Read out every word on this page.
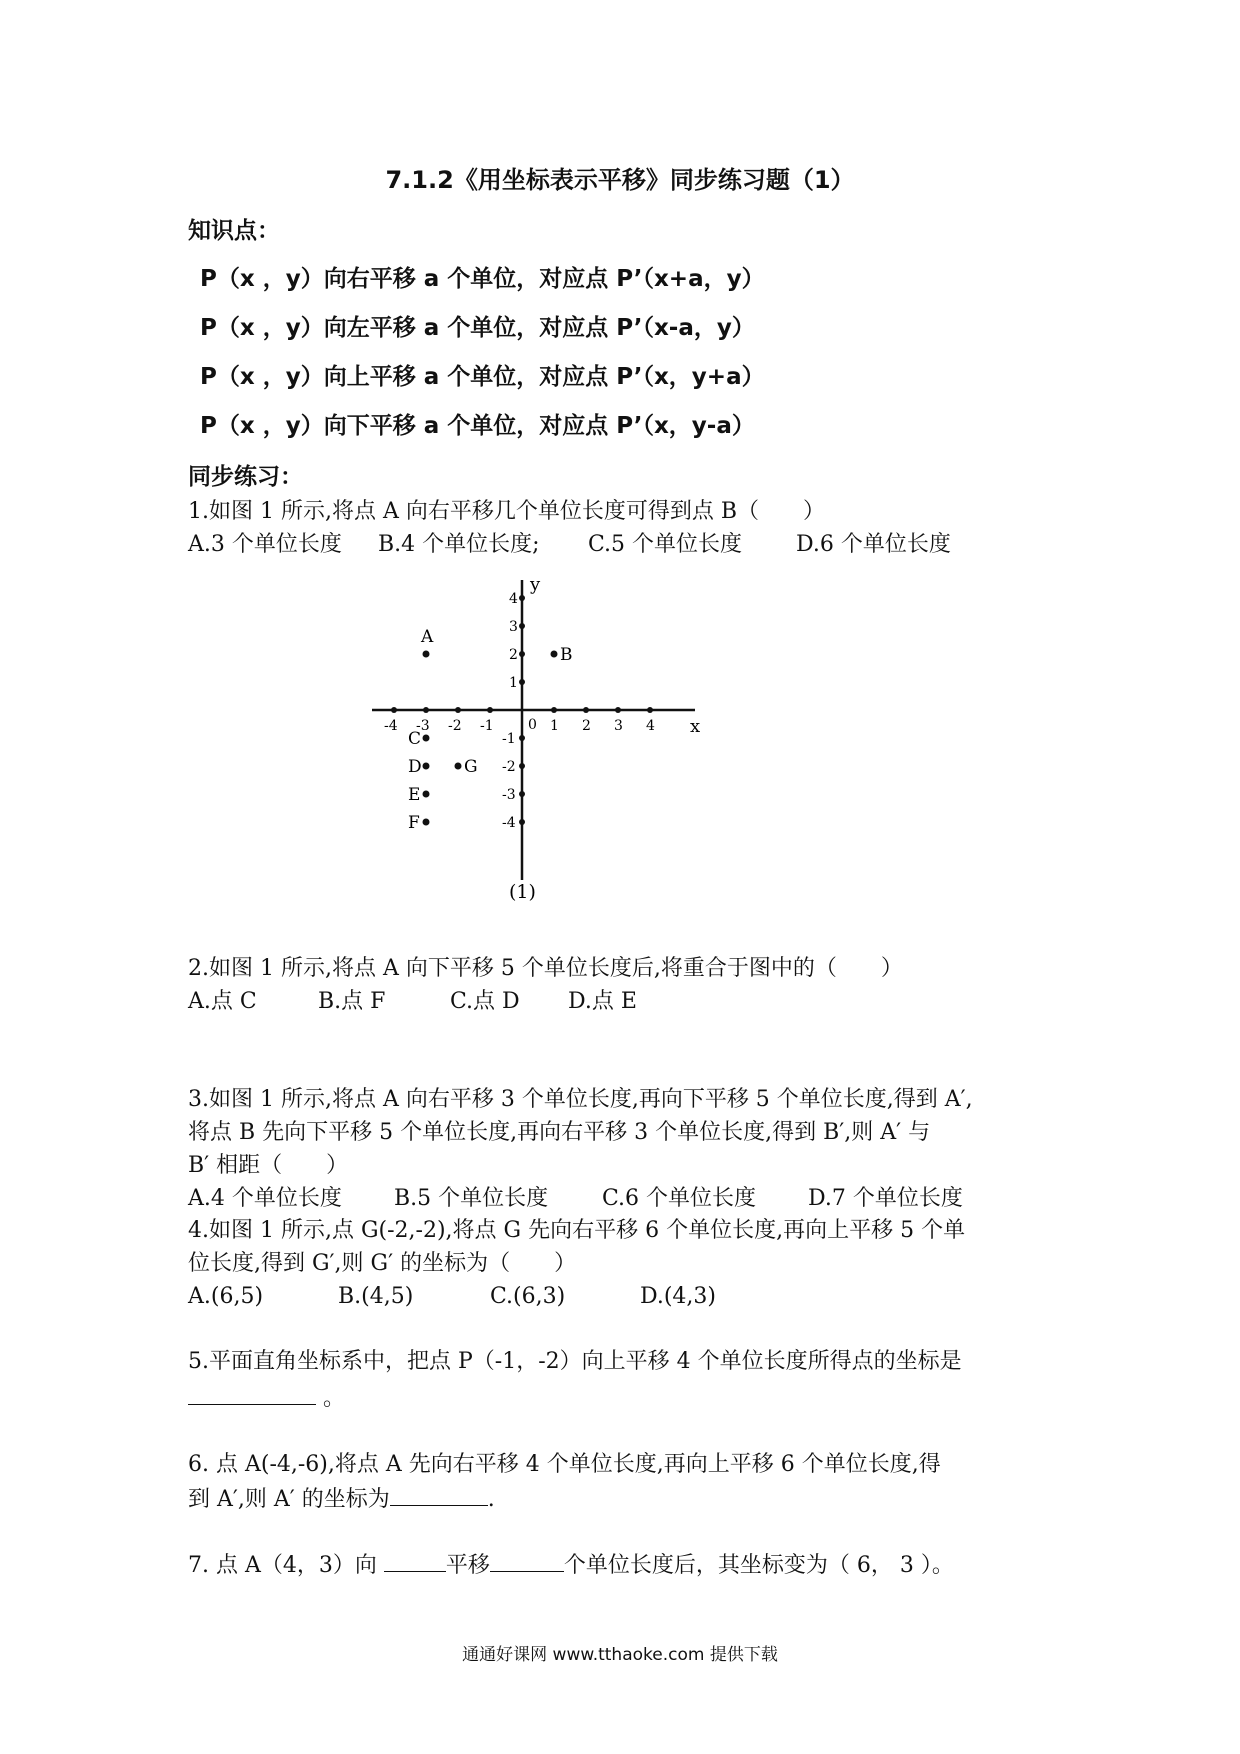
7.1.2《用坐标表示平移》同步练习题（1）
知识点：
P（x ，y）向右平移 a 个单位，对应点 P’（x+a，y）
P（x ，y）向左平移 a 个单位，对应点 P’（x-a，y）
P（x ，y）向上平移 a 个单位，对应点 P’（x，y+a）
P（x ，y）向下平移 a 个单位，对应点 P’（x，y-a）
同步练习：
1.如图 1 所示,将点 A 向右平移几个单位长度可得到点 B（　　）
A.3 个单位长度 B.4 个单位长度; C.5 个单位长度 D.6 个单位长度
x
y
0
-4 -3 -2 -1	1 2 3 4
4
3
2
1
-1
-2
-3
-4
A
B
C
D G
E
F
(1)
2.如图 1 所示,将点 A 向下平移 5 个单位长度后,将重合于图中的（　　）
A.点 C	B.点 F	C.点 D D.点 E
3.如图 1 所示,将点 A 向右平移 3 个单位长度,再向下平移 5 个单位长度,得到 A′,
将点 B 先向下平移 5 个单位长度,再向右平移 3 个单位长度,得到 B′,则 A′ 与
B′ 相距（　　）
A.4 个单位长度 B.5 个单位长度 C.6 个单位长度 D.7 个单位长度
4.如图 1 所示,点 G(-2,-2),将点 G 先向右平移 6 个单位长度,再向上平移 5 个单
位长度,得到 G′,则 G′ 的坐标为（　　）
A.(6,5)	B.(4,5)	C.(6,3)	D.(4,3)
5.平面直角坐标系中，把点 P（-1，-2）向上平移 4 个单位长度所得点的坐标是
。
6. 点 A(-4,-6),将点 A 先向右平移 4 个单位长度,再向上平移 6 个单位长度,得
到 A′,则 A′ 的坐标为	.
7. 点 A（4，3）向	平移	个单位长度后，其坐标变为（ 6， 3 ）。
通通好课网 www.tthaoke.com 提供下载
